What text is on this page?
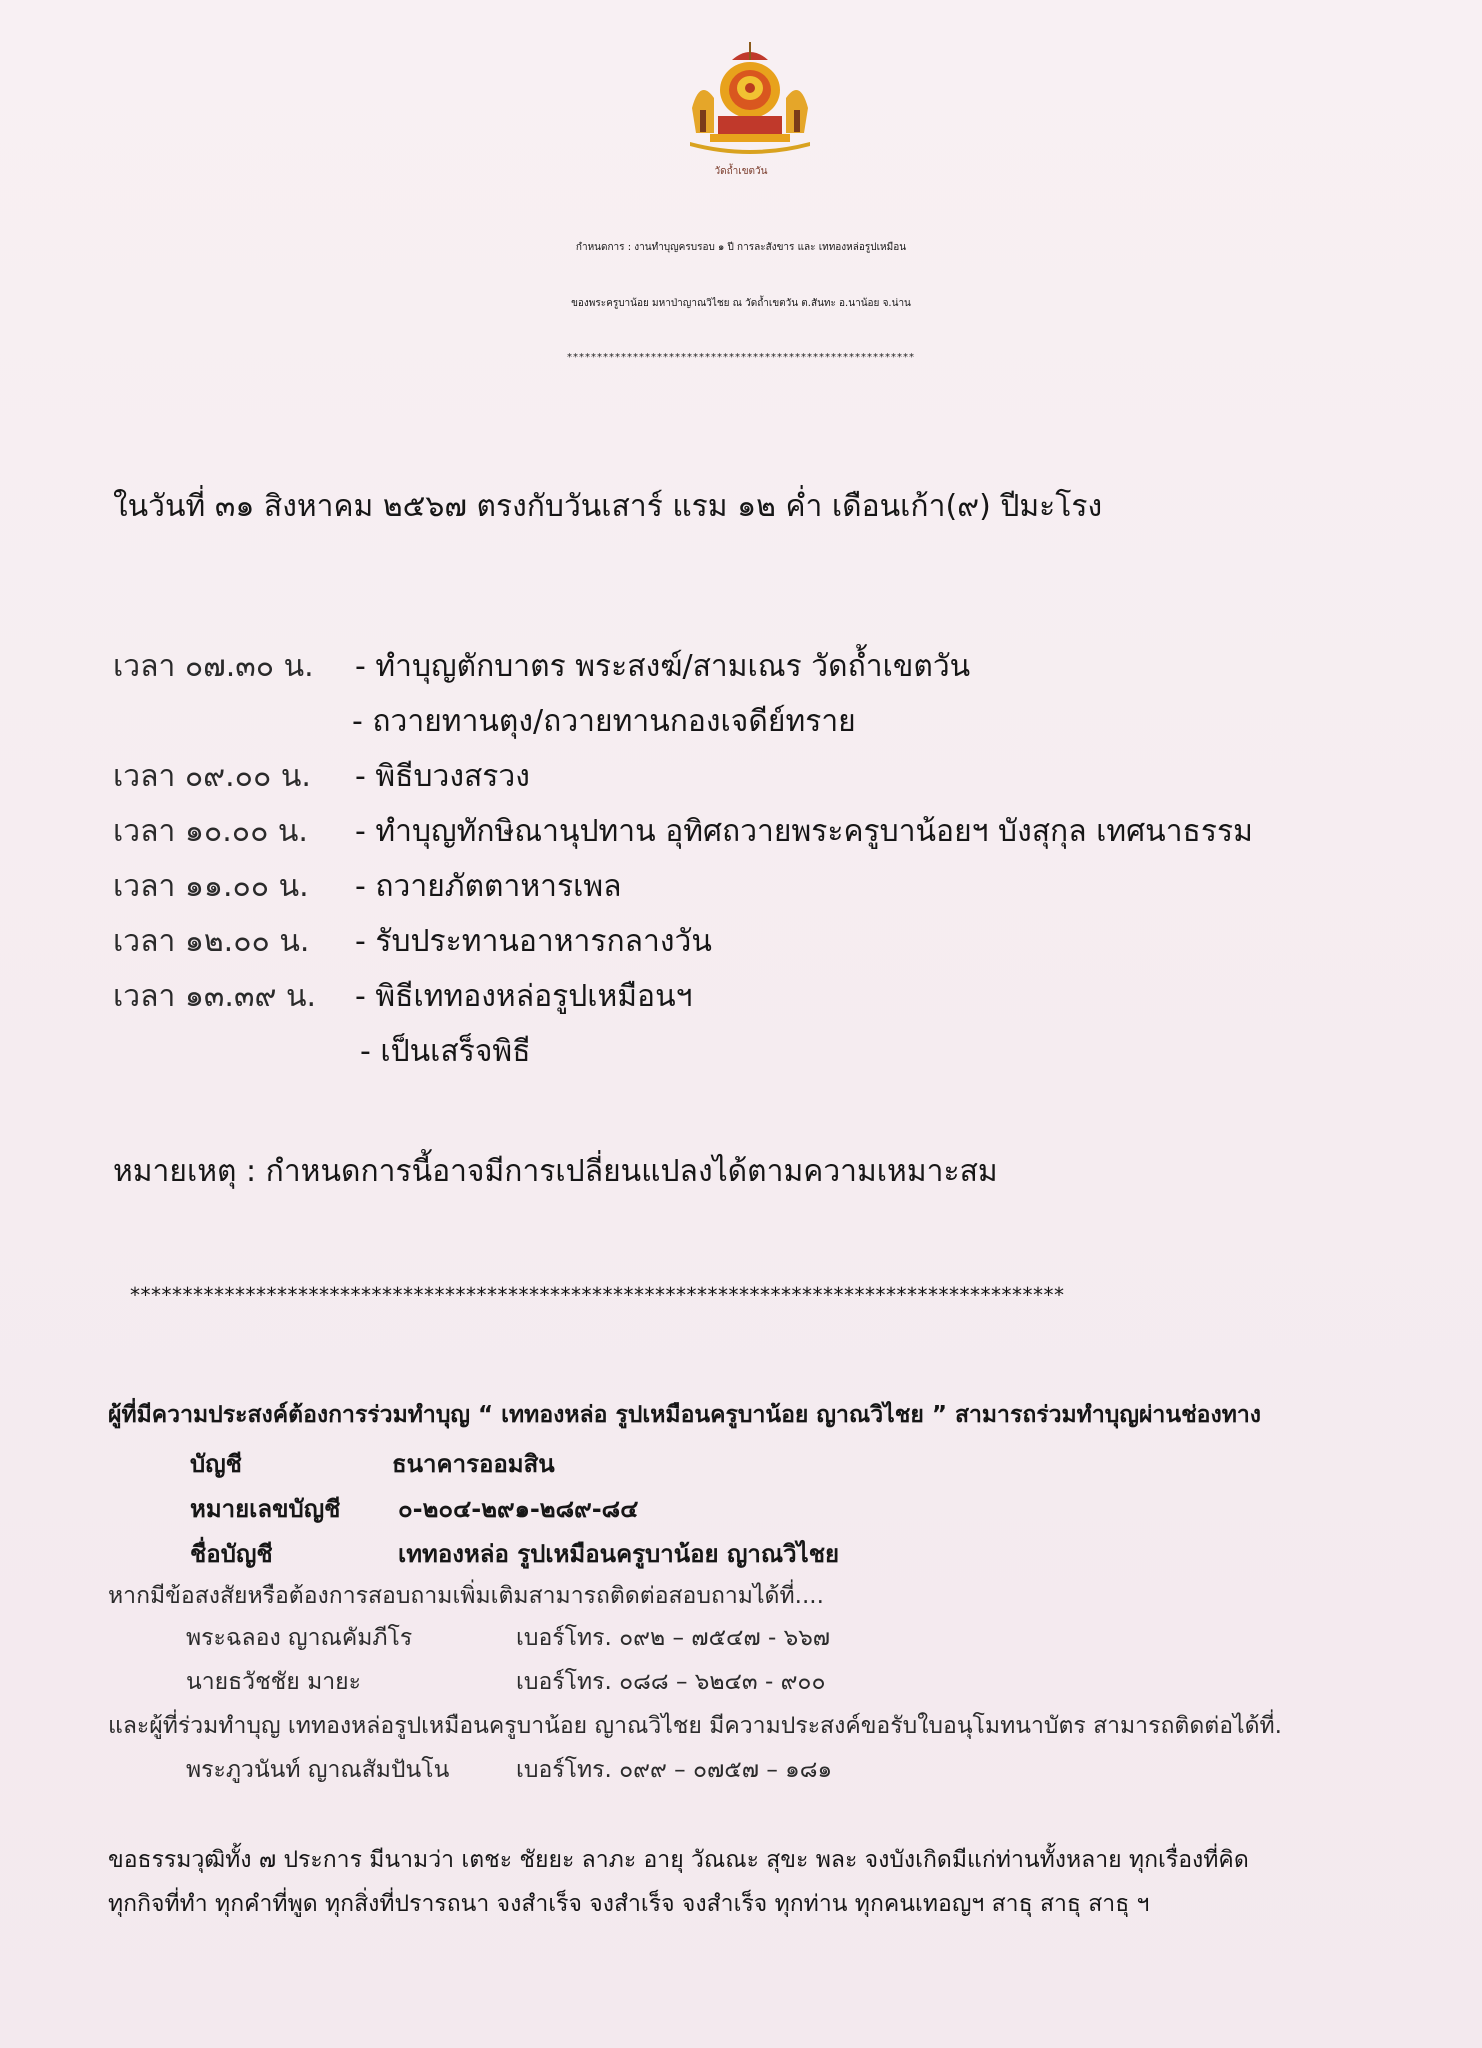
วัดถ้ำเขตวัน
กำหนดการ : งานทำบุญครบรอบ ๑ ปี การละสังขาร และ เททองหล่อรูปเหมือน
ของพระครูบาน้อย มหาป่าญาณวิไชย ณ วัดถ้ำเขตวัน ต.สันทะ อ.นาน้อย จ.น่าน
**********************************************************
ในวันที่ ๓๑ สิงหาคม ๒๕๖๗ ตรงกับวันเสาร์ แรม ๑๒ ค่ำ เดือนเก้า(๙) ปีมะโรง
เวลา ๐๗.๓๐ น. - ทำบุญตักบาตร พระสงฆ์/สามเณร วัดถ้ำเขตวัน
- ถวายทานตุง/ถวายทานกองเจดีย์ทราย
เวลา ๐๙.๐๐ น. - พิธีบวงสรวง
เวลา ๑๐.๐๐ น. - ทำบุญทักษิณานุปทาน อุทิศถวายพระครูบาน้อยฯ บังสุกุล เทศนาธรรม
เวลา ๑๑.๐๐ น. - ถวายภัตตาหารเพล
เวลา ๑๒.๐๐ น. - รับประทานอาหารกลางวัน
เวลา ๑๓.๓๙ น. - พิธีเททองหล่อรูปเหมือนฯ
- เป็นเสร็จพิธี
หมายเหตุ : กำหนดการนี้อาจมีการเปลี่ยนแปลงได้ตามความเหมาะสม
*****************************************************************************************
ผู้ที่มีความประสงค์ต้องการร่วมทำบุญ “ เททองหล่อ รูปเหมือนครูบาน้อย ญาณวิไชย ” สามารถร่วมทำบุญผ่านช่องทาง
บัญชี	ธนาคารออมสิน
หมายเลขบัญชี ๐-๒๐๔-๒๙๑-๒๘๙-๘๔
ชื่อบัญชี	เททองหล่อ รูปเหมือนครูบาน้อย ญาณวิไชย
หากมีข้อสงสัยหรือต้องการสอบถามเพิ่มเติมสามารถติดต่อสอบถามได้ที่....
พระฉลอง ญาณคัมภีโร	เบอร์โทร. ๐๙๒ – ๗๕๔๗ - ๖๖๗
นายธวัชชัย มายะ	เบอร์โทร. ๐๘๘ – ๖๒๔๓ - ๙๐๐
และผู้ที่ร่วมทำบุญ เททองหล่อรูปเหมือนครูบาน้อย ญาณวิไชย มีความประสงค์ขอรับใบอนุโมทนาบัตร สามารถติดต่อได้ที่.
พระภูวนันท์ ญาณสัมปันโน	เบอร์โทร. ๐๙๙ – ๐๗๕๗ – ๑๘๑
ขอธรรมวุฒิทั้ง ๗ ประการ มีนามว่า เตชะ ชัยยะ ลาภะ อายุ วัณณะ สุขะ พละ จงบังเกิดมีแก่ท่านทั้งหลาย ทุกเรื่องที่คิด
ทุกกิจที่ทำ ทุกคำที่พูด ทุกสิ่งที่ปรารถนา จงสำเร็จ จงสำเร็จ จงสำเร็จ ทุกท่าน ทุกคนเทอญฯ สาธุ สาธุ สาธุ ฯ
